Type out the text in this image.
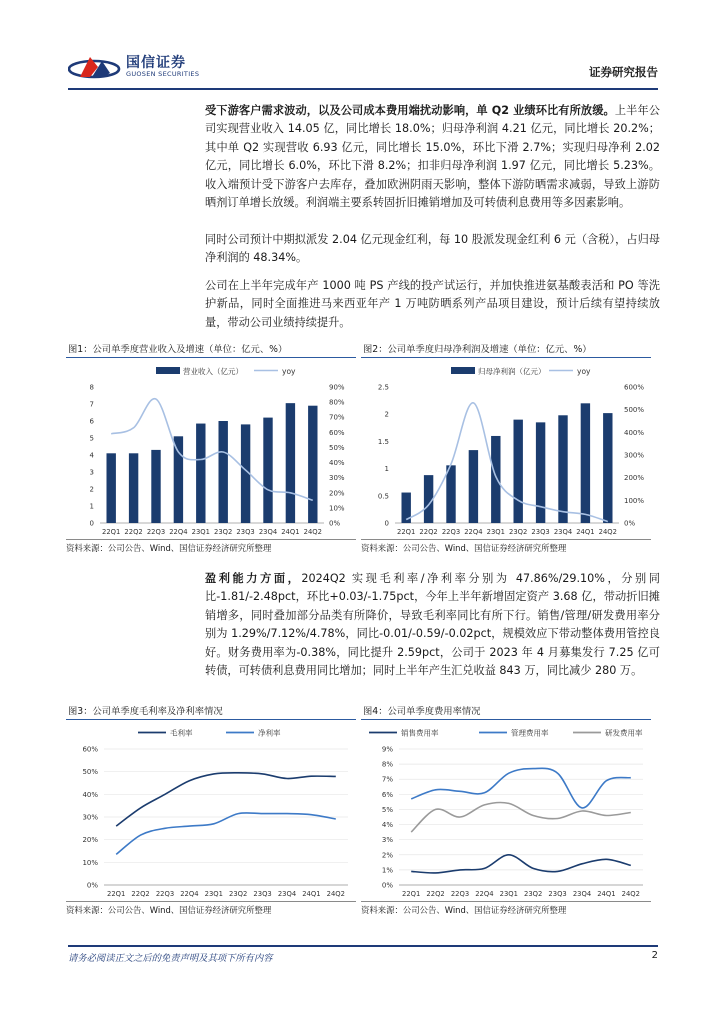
国信证券
GUOSEN SECURITIES	证券研究报告
受下游客户需求波动，以及公司成本费用端扰动影响，单 Q2 业绩环比有所放缓。上半年公司实现营业收入 14.05 亿，同比增长 18.0%；归母净利润 4.21 亿元，同比增长 20.2%；其中单 Q2 实现营收 6.93 亿元，同比增长 15.0%，环比下滑 2.7%；实现归母净利 2.02 亿元，同比增长 6.0%，环比下滑 8.2%；扣非归母净利润 1.97 亿元，同比增长 5.23%。收入端预计受下游客户去库存，叠加欧洲阴雨天影响，整体下游防晒需求减弱，导致上游防晒剂订单增长放缓。利润端主要系转固折旧摊销增加及可转债利息费用等多因素影响。
同时公司预计中期拟派发 2.04 亿元现金红利，每 10 股派发现金红利 6 元（含税），占归母净利润的 48.34%。
公司在上半年完成年产 1000 吨 PS 产线的投产试运行，并加快推进氨基酸表活和 PO 等洗护新品，同时全面推进马来西亚年产 1 万吨防晒系列产品项目建设，预计后续有望持续放量，带动公司业绩持续提升。
图1：公司单季度营业收入及增速（单位：亿元、%）
营业收入（亿元）	yoy
0
1
2
3
4
5
6
7
8
0%
10%
20%
30%
40%
50%
60%
70%
80%
90%
22Q1 22Q2 22Q3 22Q4 23Q1 23Q2 23Q3 23Q4 24Q1 24Q2
资料来源：公司公告、Wind、国信证券经济研究所整理
图2：公司单季度归母净利润及增速（单位：亿元、%）
归母净利润（亿元）	yoy
0
0.5
1
1.5
2
2.5
0%
100%
200%
300%
400%
500%
600%
22Q1 22Q2 22Q3 22Q4 23Q1 23Q2 23Q3 23Q4 24Q1 24Q2
资料来源：公司公告、Wind、国信证券经济研究所整理
盈利能力方面，2024Q2 实现毛利率/净利率分别为 47.86%/29.10%，分别同比-1.81/-2.48pct，环比+0.03/-1.75pct，今年上半年新增固定资产 3.68 亿，带动折旧摊销增多，同时叠加部分品类有所降价，导致毛利率同比有所下行。销售/管理/研发费用率分别为 1.29%/7.12%/4.78%，同比-0.01/-0.59/-0.02pct，规模效应下带动整体费用管控良好。财务费用率为-0.38%，同比提升 2.59pct，公司于 2023 年 4 月募集发行 7.25 亿可转债，可转债利息费用同比增加；同时上半年产生汇兑收益 843 万，同比减少 280 万。
图3：公司单季度毛利率及净利率情况
毛利率	净利率
0%
10%
20%
30%
40%
50%
60%
22Q1 22Q2 22Q3 22Q4 23Q1 23Q2 23Q3 23Q4 24Q1 24Q2
资料来源：公司公告、Wind、国信证券经济研究所整理
图4：公司单季度费用率情况
销售费用率	管理费用率	研发费用率
0%
1%
2%
3%
4%
5%
6%
7%
8%
9%
22Q1 22Q2 22Q3 22Q4 23Q1 23Q2 23Q3 23Q4 24Q1 24Q2
资料来源：公司公告、Wind、国信证券经济研究所整理
请务必阅读正文之后的免责声明及其项下所有内容	2
